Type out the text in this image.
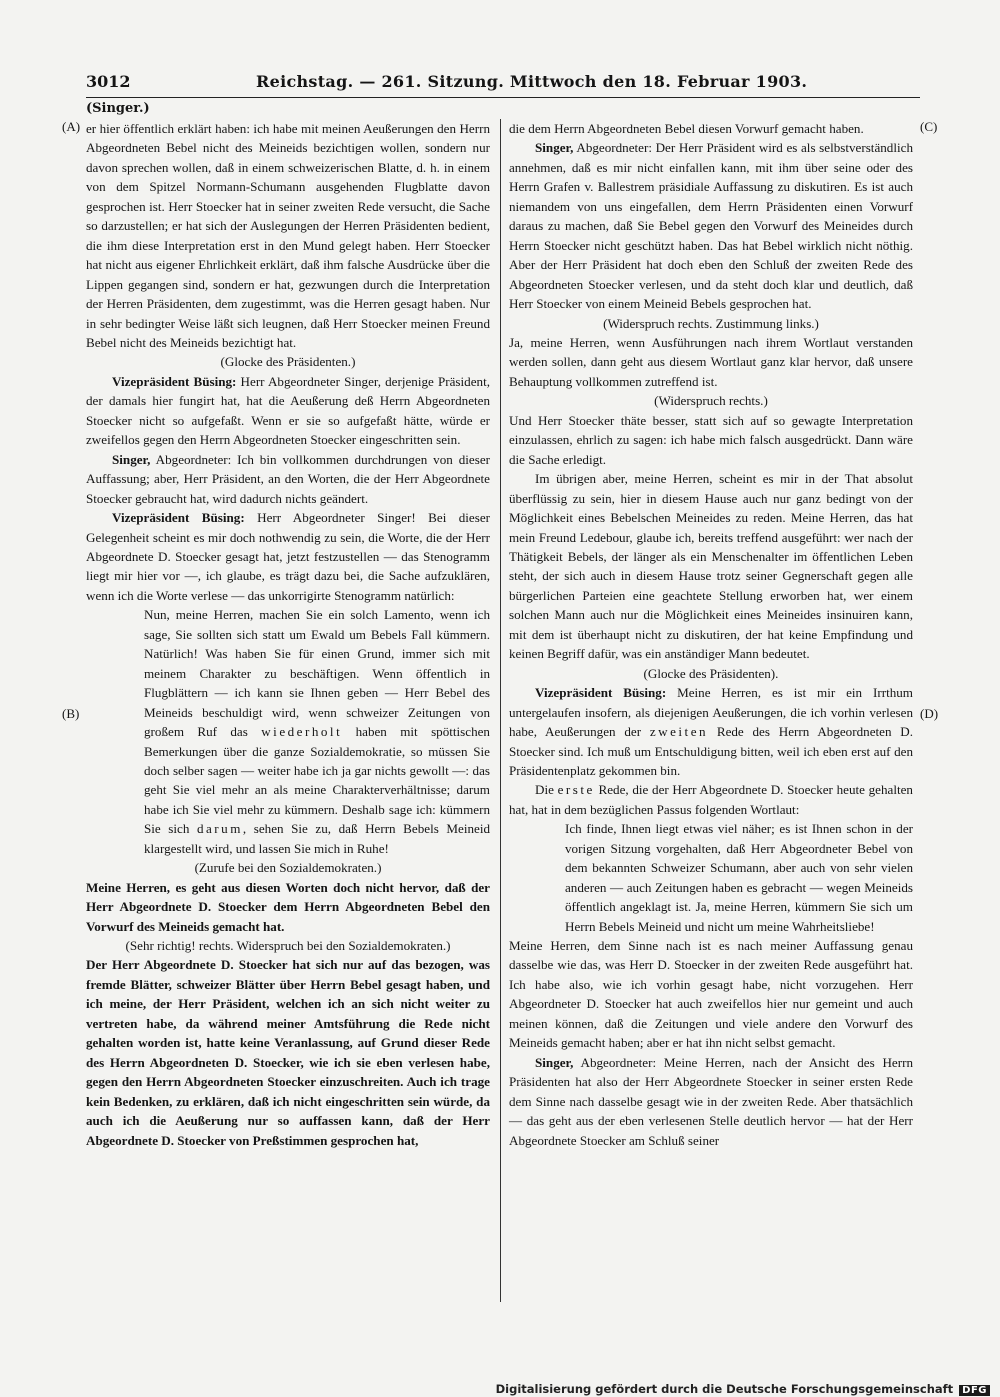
3012	Reichstag. — 261. Sitzung. Mittwoch den 18. Februar 1903.
(Singer.)
(A)
(B)
(C)
(D)

er hier öffentlich erklärt haben: ich habe mit meinen Aeußerungen den Herrn Abgeordneten Bebel nicht des Meineids bezichtigen wollen, sondern nur davon sprechen wollen, daß in einem schweizerischen Blatte, d. h. in einem von dem Spitzel Normann-Schumann ausgehenden Flugblatte davon gesprochen ist. Herr Stoecker hat in seiner zweiten Rede versucht, die Sache so darzustellen; er hat sich der Auslegungen der Herren Präsidenten bedient, die ihm diese Interpretation erst in den Mund gelegt haben. Herr Stoecker hat nicht aus eigener Ehrlichkeit erklärt, daß ihm falsche Ausdrücke über die Lippen gegangen sind, sondern er hat, gezwungen durch die Interpretation der Herren Präsidenten, dem zugestimmt, was die Herren gesagt haben. Nur in sehr bedingter Weise läßt sich leugnen, daß Herr Stoecker meinen Freund Bebel nicht des Meineids bezichtigt hat.

(Glocke des Präsidenten.)

Vizepräsident Büsing: Herr Abgeordneter Singer, derjenige Präsident, der damals hier fungirt hat, hat die Aeußerung deß Herrn Abgeordneten Stoecker nicht so aufgefaßt. Wenn er sie so aufgefaßt hätte, würde er zweifellos gegen den Herrn Abgeordneten Stoecker eingeschritten sein.

Singer, Abgeordneter: Ich bin vollkommen durchdrungen von dieser Auffassung; aber, Herr Präsident, an den Worten, die der Herr Abgeordnete Stoecker gebraucht hat, wird dadurch nichts geändert.

Vizepräsident Büsing: Herr Abgeordneter Singer! Bei dieser Gelegenheit scheint es mir doch nothwendig zu sein, die Worte, die der Herr Abgeordnete D. Stoecker gesagt hat, jetzt festzustellen — das Stenogramm liegt mir hier vor —, ich glaube, es trägt dazu bei, die Sache aufzuklären, wenn ich die Worte verlese — das unkorrigirte Stenogramm natürlich:

Nun, meine Herren, machen Sie ein solch Lamento, wenn ich sage, Sie sollten sich statt um Ewald um Bebels Fall kümmern. Natürlich! Was haben Sie für einen Grund, immer sich mit meinem Charakter zu beschäftigen. Wenn öffentlich in Flugblättern — ich kann sie Ihnen geben — Herr Bebel des Meineids beschuldigt wird, wenn schweizer Zeitungen von großem Ruf das wiederholt haben mit spöttischen Bemerkungen über die ganze Sozialdemokratie, so müssen Sie doch selber sagen — weiter habe ich ja gar nichts gewollt —: das geht Sie viel mehr an als meine Charakterverhältnisse; darum habe ich Sie viel mehr zu kümmern. Deshalb sage ich: kümmern Sie sich darum, sehen Sie zu, daß Herrn Bebels Meineid klargestellt wird, und lassen Sie mich in Ruhe!

(Zurufe bei den Sozialdemokraten.)

Meine Herren, es geht aus diesen Worten doch nicht hervor, daß der Herr Abgeordnete D. Stoecker dem Herrn Abgeordneten Bebel den Vorwurf des Meineids gemacht hat.

(Sehr richtig! rechts. Widerspruch bei den Sozialdemokraten.)

Der Herr Abgeordnete D. Stoecker hat sich nur auf das bezogen, was fremde Blätter, schweizer Blätter über Herrn Bebel gesagt haben, und ich meine, der Herr Präsident, welchen ich an sich nicht weiter zu vertreten habe, da während meiner Amtsführung die Rede nicht gehalten worden ist, hatte keine Veranlassung, auf Grund dieser Rede des Herrn Abgeordneten D. Stoecker, wie ich sie eben verlesen habe, gegen den Herrn Abgeordneten Stoecker einzuschreiten. Auch ich trage kein Bedenken, zu erklären, daß ich nicht eingeschritten sein würde, da auch ich die Aeußerung nur so auffassen kann, daß der Herr Abgeordnete D. Stoecker von Preßstimmen gesprochen hat,

die dem Herrn Abgeordneten Bebel diesen Vorwurf gemacht haben.

Singer, Abgeordneter: Der Herr Präsident wird es als selbstverständlich annehmen, daß es mir nicht einfallen kann, mit ihm über seine oder des Herrn Grafen v. Ballestrem präsidiale Auffassung zu diskutiren. Es ist auch niemandem von uns eingefallen, dem Herrn Präsidenten einen Vorwurf daraus zu machen, daß Sie Bebel gegen den Vorwurf des Meineides durch Herrn Stoecker nicht geschützt haben. Das hat Bebel wirklich nicht nöthig. Aber der Herr Präsident hat doch eben den Schluß der zweiten Rede des Abgeordneten Stoecker verlesen, und da steht doch klar und deutlich, daß Herr Stoecker von einem Meineid Bebels gesprochen hat.

(Widerspruch rechts. Zustimmung links.)

Ja, meine Herren, wenn Ausführungen nach ihrem Wortlaut verstanden werden sollen, dann geht aus diesem Wortlaut ganz klar hervor, daß unsere Behauptung vollkommen zutreffend ist.

(Widerspruch rechts.)

Und Herr Stoecker thäte besser, statt sich auf so gewagte Interpretation einzulassen, ehrlich zu sagen: ich habe mich falsch ausgedrückt. Dann wäre die Sache erledigt.

Im übrigen aber, meine Herren, scheint es mir in der That absolut überflüssig zu sein, hier in diesem Hause auch nur ganz bedingt von der Möglichkeit eines Bebelschen Meineides zu reden. Meine Herren, das hat mein Freund Ledebour, glaube ich, bereits treffend ausgeführt: wer nach der Thätigkeit Bebels, der länger als ein Menschenalter im öffentlichen Leben steht, der sich auch in diesem Hause trotz seiner Gegnerschaft gegen alle bürgerlichen Parteien eine geachtete Stellung erworben hat, wer einem solchen Mann auch nur die Möglichkeit eines Meineides insinuiren kann, mit dem ist überhaupt nicht zu diskutiren, der hat keine Empfindung und keinen Begriff dafür, was ein anständiger Mann bedeutet.

(Glocke des Präsidenten).

Vizepräsident Büsing: Meine Herren, es ist mir ein Irrthum untergelaufen insofern, als diejenigen Aeußerungen, die ich vorhin verlesen habe, Aeußerungen der zweiten Rede des Herrn Abgeordneten D. Stoecker sind. Ich muß um Entschuldigung bitten, weil ich eben erst auf den Präsidentenplatz gekommen bin.

Die erste Rede, die der Herr Abgeordnete D. Stoecker heute gehalten hat, hat in dem bezüglichen Passus folgenden Wortlaut:

Ich finde, Ihnen liegt etwas viel näher; es ist Ihnen schon in der vorigen Sitzung vorgehalten, daß Herr Abgeordneter Bebel von dem bekannten Schweizer Schumann, aber auch von sehr vielen anderen — auch Zeitungen haben es gebracht — wegen Meineids öffentlich angeklagt ist. Ja, meine Herren, kümmern Sie sich um Herrn Bebels Meineid und nicht um meine Wahrheitsliebe!

Meine Herren, dem Sinne nach ist es nach meiner Auffassung genau dasselbe wie das, was Herr D. Stoecker in der zweiten Rede ausgeführt hat. Ich habe also, wie ich vorhin gesagt habe, nicht vorzugehen. Herr Abgeordneter D. Stoecker hat auch zweifellos hier nur gemeint und auch meinen können, daß die Zeitungen und viele andere den Vorwurf des Meineids gemacht haben; aber er hat ihn nicht selbst gemacht.

Singer, Abgeordneter: Meine Herren, nach der Ansicht des Herrn Präsidenten hat also der Herr Abgeordnete Stoecker in seiner ersten Rede dem Sinne nach dasselbe gesagt wie in der zweiten Rede. Aber thatsächlich — das geht aus der eben verlesenen Stelle deutlich hervor — hat der Herr Abgeordnete Stoecker am Schluß seiner

Digitalisierung gefördert durch die Deutsche Forschungsgemeinschaft DFG
